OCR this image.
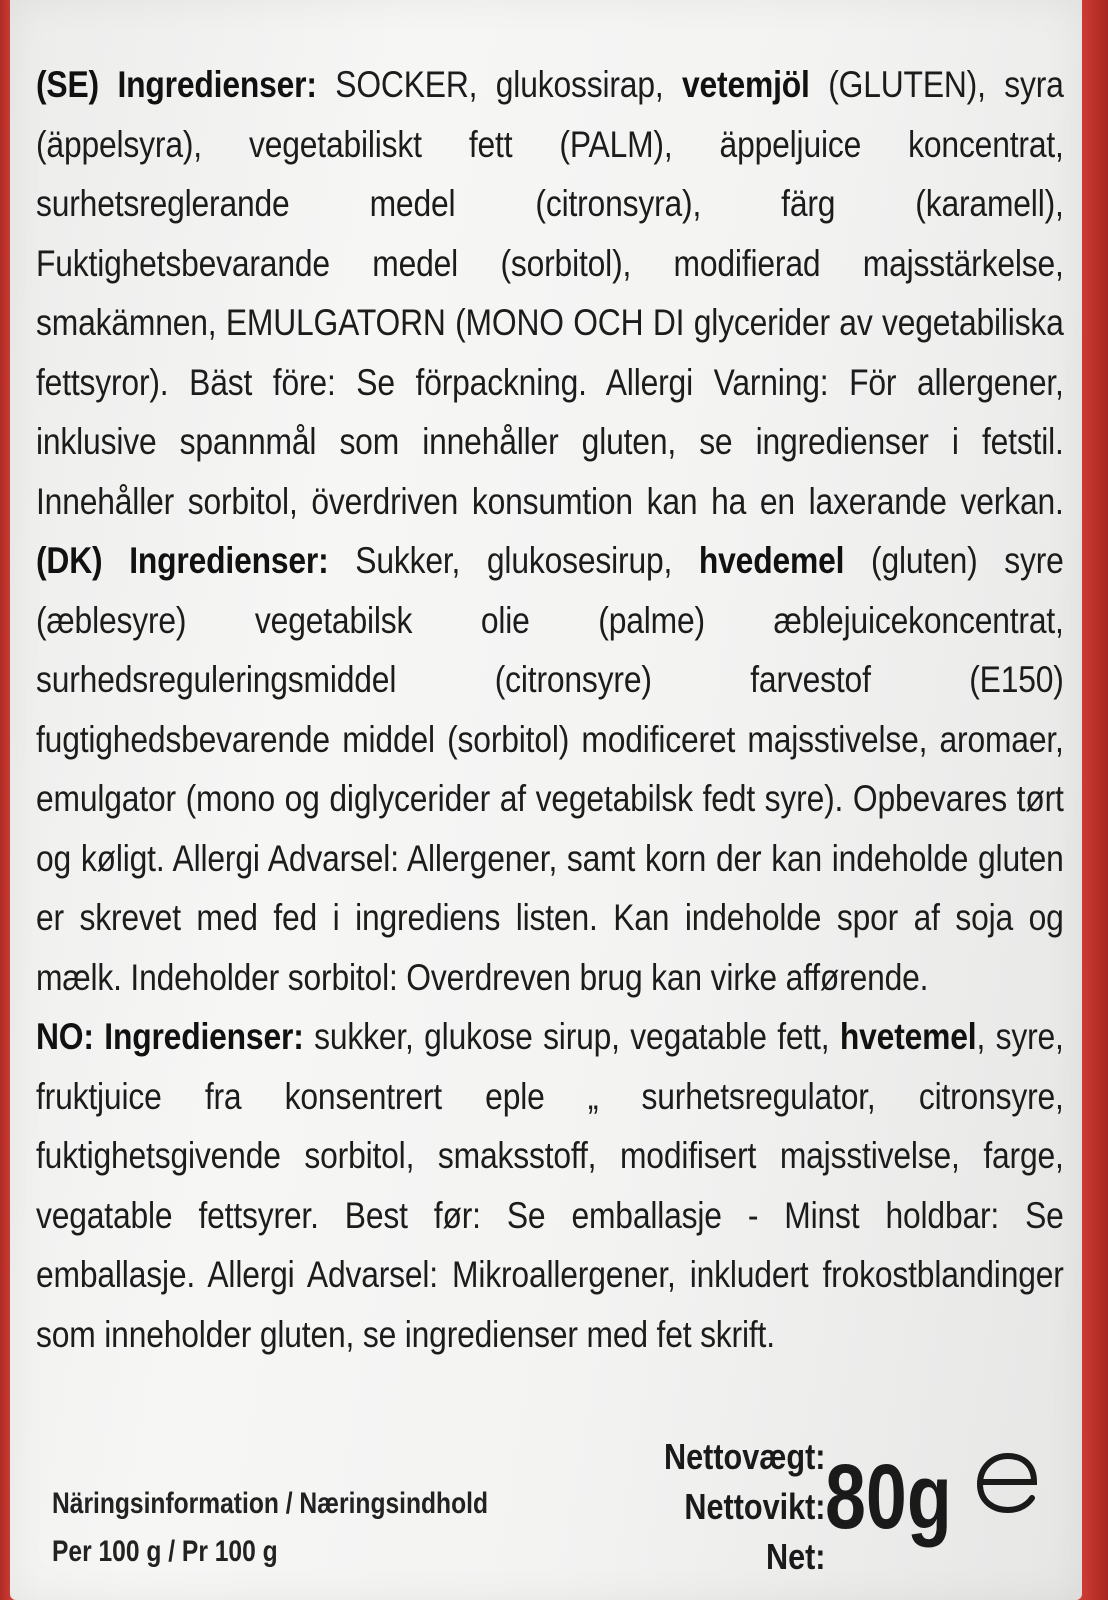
(SE) Ingredienser: SOCKER, glukossirap, vetemjöl (GLUTEN), syra (äppelsyra), vegetabiliskt fett (PALM), äppeljuice koncentrat, surhetsreglerande medel (citronsyra), färg (karamell), Fuktighetsbevarande medel (sorbitol), modifierad majsstärkelse, smakämnen, EMULGATORN (MONO OCH DI glycerider av vegetabiliska fettsyror). Bäst före: Se förpackning. Allergi Varning: För allergener, inklusive spannmål som innehåller gluten, se ingredienser i fetstil. Innehåller sorbitol, överdriven konsumtion kan ha en laxerande verkan. (DK) Ingredienser: Sukker, glukosesirup, hvedemel (gluten) syre (æblesyre) vegetabilsk olie (palme) æblejuicekoncentrat, surhedsreguleringsmiddel (citronsyre) farvestof (E150) fugtighedsbevarende middel (sorbitol) modificeret majsstivelse, aromaer, emulgator (mono og diglycerider af vegetabilsk fedt syre). Opbevares tørt og køligt. Allergi Advarsel: Allergener, samt korn der kan indeholde gluten er skrevet med fed i ingrediens listen. Kan indeholde spor af soja og mælk. Indeholder sorbitol: Overdreven brug kan virke afførende.
NO: Ingredienser: sukker, glukose sirup, vegatable fett, hvetemel, syre, fruktjuice fra konsentrert eple „ surhetsregulator, citronsyre, fuktighetsgivende sorbitol, smaksstoff, modifisert majsstivelse, farge, vegatable fettsyrer. Best før: Se emballasje - Minst holdbar: Se emballasje. Allergi Advarsel: Mikroallergener, inkludert frokostblandinger som inneholder gluten, se ingredienser med fet skrift.
Näringsinformation / Næringsindhold
Per 100 g / Pr 100 g
Nettovægt:
Nettovikt:
Net:
80g
